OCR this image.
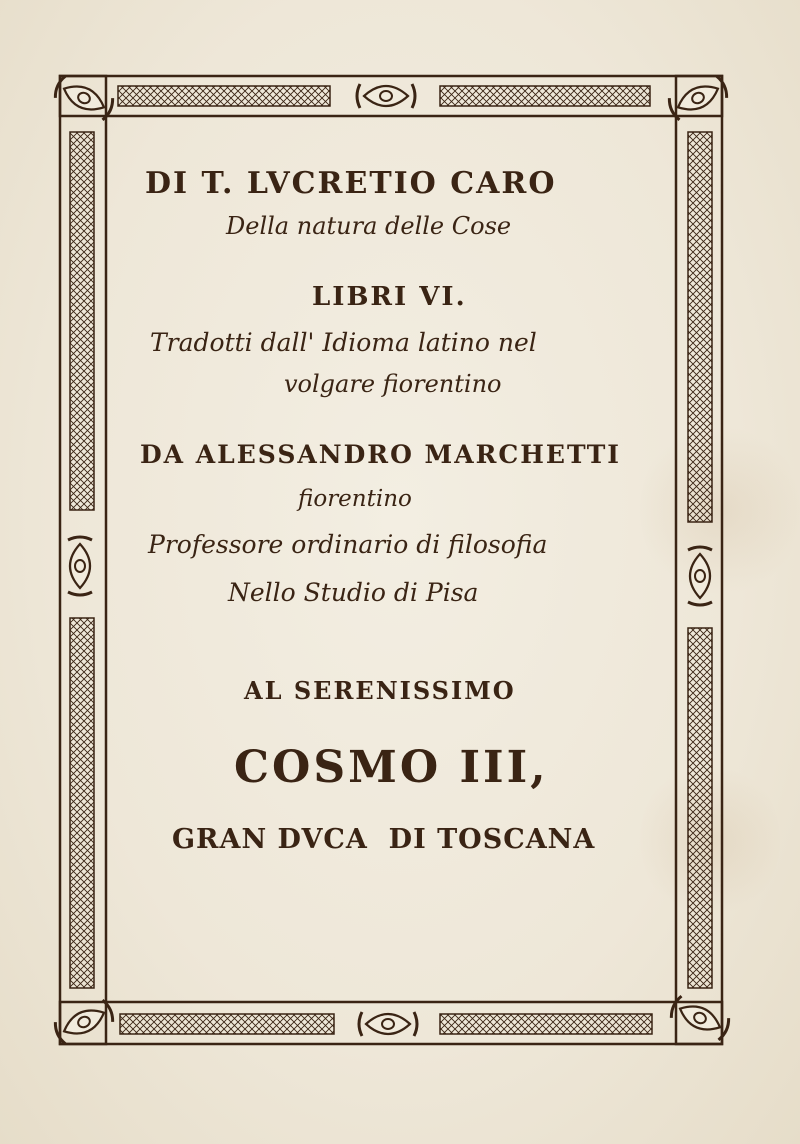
DI T. LVCRETIO CARO
Della natura delle Cose
LIBRI VI.
Tradotti dall' Idioma latino nel
volgare fiorentino
DA ALESSANDRO MARCHETTI
fiorentino
Professore ordinario di filosofia
Nello Studio di Pisa
AL SERENISSIMO
COSMO III,
GRAN DVCA  DI TOSCANA
